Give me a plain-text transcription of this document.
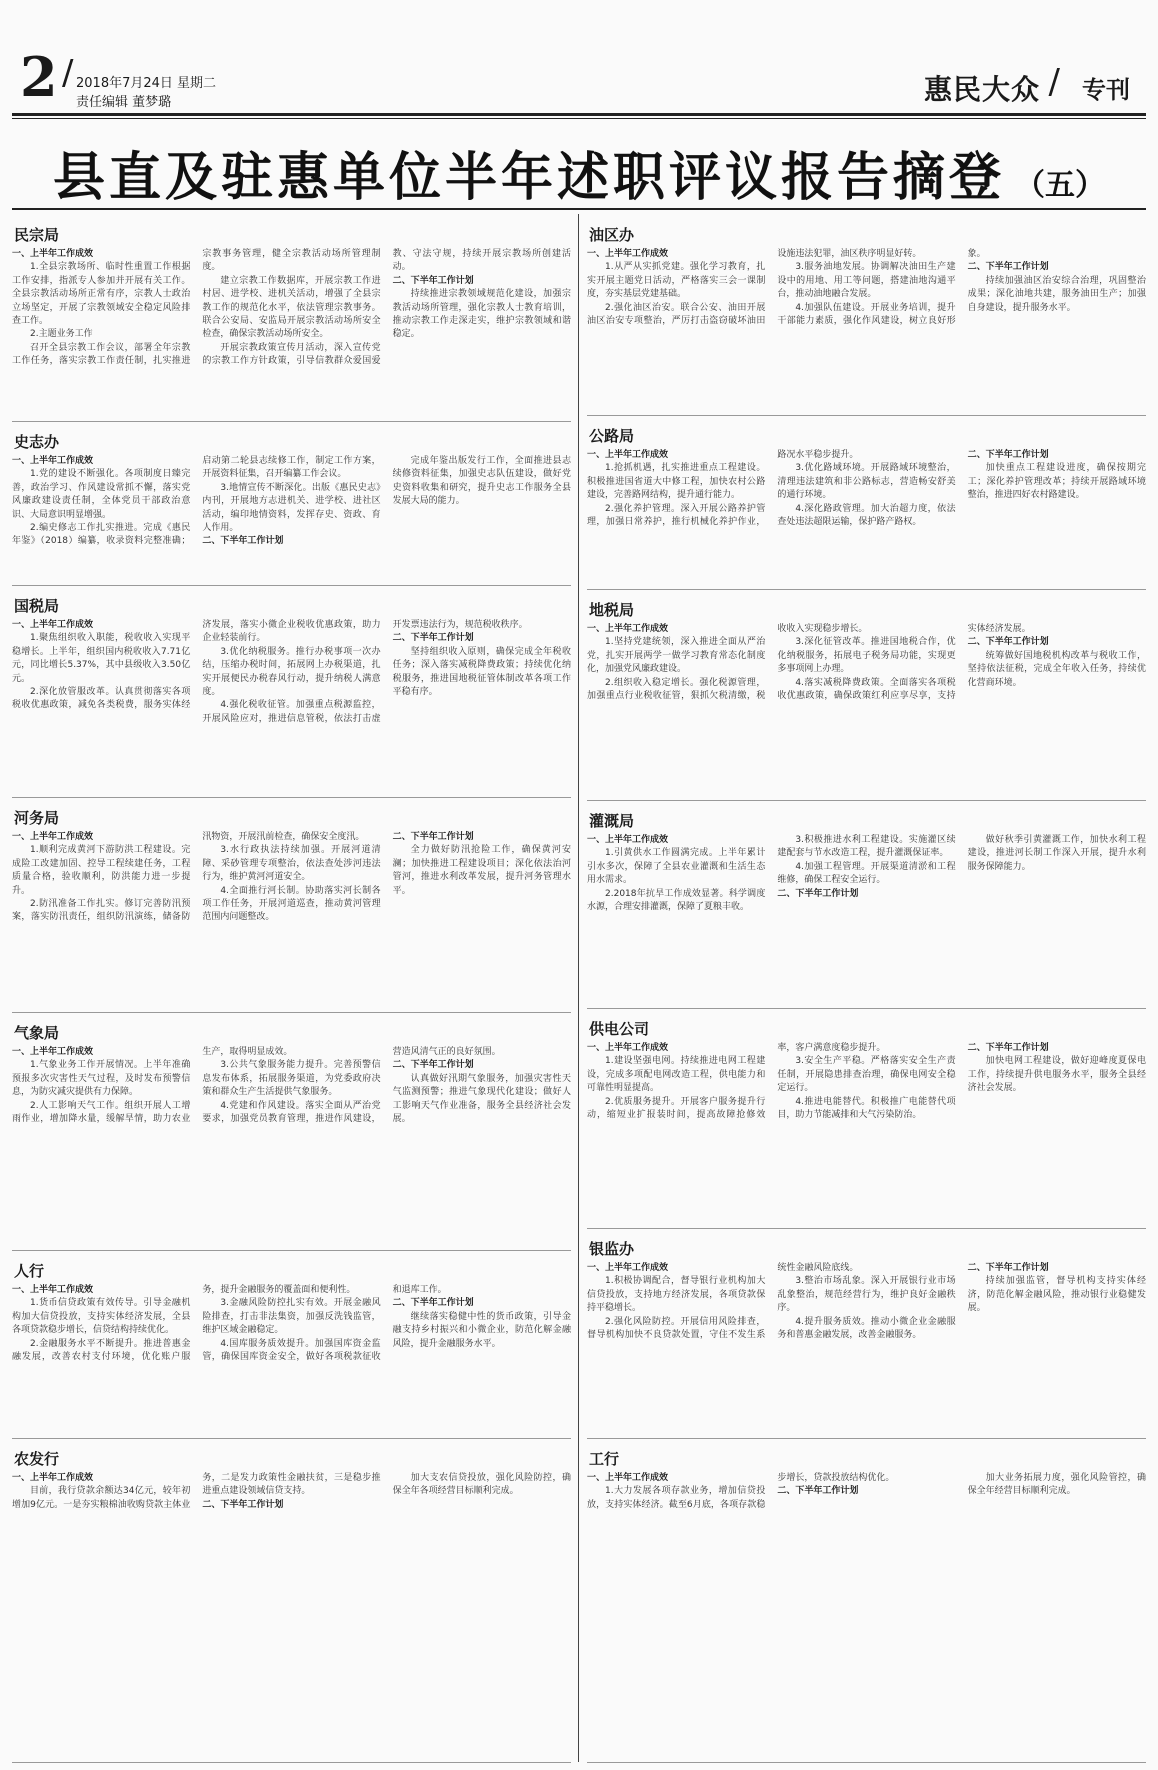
2 / 2018年7月24日 星期二
责任编辑 董梦璐	惠民大众 / 专刊
县直及驻惠单位半年述职评议报告摘登 （五）
民宗局

一、上半年工作成效

1.全县宗教场所、临时性重置工作根据工作安排，指派专人参加并开展有关工作。全县宗教活动场所正常有序，宗教人士政治立场坚定，开展了宗教领域安全稳定风险排查工作。

2.主题业务工作

召开全县宗教工作会议，部署全年宗教工作任务，落实宗教工作责任制，扎实推进宗教事务管理，健全宗教活动场所管理制度。

建立宗教工作数据库，开展宗教工作进村居、进学校、进机关活动，增强了全县宗教工作的规范化水平，依法管理宗教事务。联合公安局、安监局开展宗教活动场所安全检查，确保宗教活动场所安全。

开展宗教政策宣传月活动，深入宣传党的宗教工作方针政策，引导信教群众爱国爱教、守法守规，持续开展宗教场所创建活动。

二、下半年工作计划

持续推进宗教领域规范化建设，加强宗教活动场所管理，强化宗教人士教育培训，推动宗教工作走深走实，维护宗教领域和谐稳定。

史志办

一、上半年工作成效

1.党的建设不断强化。各项制度日臻完善，政治学习、作风建设常抓不懈，落实党风廉政建设责任制，全体党员干部政治意识、大局意识明显增强。

2.编史修志工作扎实推进。完成《惠民年鉴》（2018）编纂，收录资料完整准确；启动第二轮县志续修工作，制定工作方案，开展资料征集，召开编纂工作会议。

3.地情宣传不断深化。出版《惠民史志》内刊，开展地方志进机关、进学校、进社区活动，编印地情资料，发挥存史、资政、育人作用。

二、下半年工作计划

完成年鉴出版发行工作，全面推进县志续修资料征集，加强史志队伍建设，做好党史资料收集和研究，提升史志工作服务全县发展大局的能力。

国税局

一、上半年工作成效

1.聚焦组织收入职能，税收收入实现平稳增长。上半年，组织国内税收收入7.71亿元，同比增长5.37%，其中县级收入3.50亿元。

2.深化放管服改革。认真贯彻落实各项税收优惠政策，减免各类税费，服务实体经济发展，落实小微企业税收优惠政策，助力企业轻装前行。

3.优化纳税服务。推行办税事项一次办结，压缩办税时间，拓展网上办税渠道，扎实开展便民办税春风行动，提升纳税人满意度。

4.强化税收征管。加强重点税源监控，开展风险应对，推进信息管税，依法打击虚开发票违法行为，规范税收秩序。

二、下半年工作计划

坚持组织收入原则，确保完成全年税收任务；深入落实减税降费政策；持续优化纳税服务，推进国地税征管体制改革各项工作平稳有序。

河务局

一、上半年工作成效

1.顺利完成黄河下游防洪工程建设。完成险工改建加固、控导工程续建任务，工程质量合格，验收顺利，防洪能力进一步提升。

2.防汛准备工作扎实。修订完善防汛预案，落实防汛责任，组织防汛演练，储备防汛物资，开展汛前检查，确保安全度汛。

3.水行政执法持续加强。开展河道清障、采砂管理专项整治，依法查处涉河违法行为，维护黄河河道安全。

4.全面推行河长制。协助落实河长制各项工作任务，开展河道巡查，推动黄河管理范围内问题整改。

二、下半年工作计划

全力做好防汛抢险工作，确保黄河安澜；加快推进工程建设项目；深化依法治河管河，推进水利改革发展，提升河务管理水平。

气象局

一、上半年工作成效

1.气象业务工作开展情况。上半年准确预报多次灾害性天气过程，及时发布预警信息，为防灾减灾提供有力保障。

2.人工影响天气工作。组织开展人工增雨作业，增加降水量，缓解旱情，助力农业生产，取得明显成效。

3.公共气象服务能力提升。完善预警信息发布体系，拓展服务渠道，为党委政府决策和群众生产生活提供气象服务。

4.党建和作风建设。落实全面从严治党要求，加强党员教育管理，推进作风建设，营造风清气正的良好氛围。

二、下半年工作计划

认真做好汛期气象服务，加强灾害性天气监测预警；推进气象现代化建设；做好人工影响天气作业准备，服务全县经济社会发展。

人行

一、上半年工作成效

1.货币信贷政策有效传导。引导金融机构加大信贷投放，支持实体经济发展，全县各项贷款稳步增长，信贷结构持续优化。

2.金融服务水平不断提升。推进普惠金融发展，改善农村支付环境，优化账户服务，提升金融服务的覆盖面和便利性。

3.金融风险防控扎实有效。开展金融风险排查，打击非法集资，加强反洗钱监管，维护区域金融稳定。

4.国库服务质效提升。加强国库资金监管，确保国库资金安全，做好各项税款征收和退库工作。

二、下半年工作计划

继续落实稳健中性的货币政策，引导金融支持乡村振兴和小微企业，防范化解金融风险，提升金融服务水平。

农发行

一、上半年工作成效

目前，我行贷款余额达34亿元，较年初增加9亿元。一是夯实粮棉油收购贷款主体业务，二是发力政策性金融扶贫，三是稳步推进重点建设领域信贷支持。

二、下半年工作计划

加大支农信贷投放，强化风险防控，确保全年各项经营目标顺利完成。

油区办

一、上半年工作成效

1.从严从实抓党建。强化学习教育，扎实开展主题党日活动，严格落实三会一课制度，夯实基层党建基础。

2.强化油区治安。联合公安、油田开展油区治安专项整治，严厉打击盗窃破坏油田设施违法犯罪，油区秩序明显好转。

3.服务油地发展。协调解决油田生产建设中的用地、用工等问题，搭建油地沟通平台，推动油地融合发展。

4.加强队伍建设。开展业务培训，提升干部能力素质，强化作风建设，树立良好形象。

二、下半年工作计划

持续加强油区治安综合治理，巩固整治成果；深化油地共建，服务油田生产；加强自身建设，提升服务水平。

公路局

一、上半年工作成效

1.抢抓机遇，扎实推进重点工程建设。积极推进国省道大中修工程，加快农村公路建设，完善路网结构，提升通行能力。

2.强化养护管理。深入开展公路养护管理，加强日常养护，推行机械化养护作业，路况水平稳步提升。

3.优化路域环境。开展路域环境整治，清理违法建筑和非公路标志，营造畅安舒美的通行环境。

4.深化路政管理。加大治超力度，依法查处违法超限运输，保护路产路权。

二、下半年工作计划

加快重点工程建设进度，确保按期完工；深化养护管理改革；持续开展路域环境整治，推进四好农村路建设。

地税局

一、上半年工作成效

1.坚持党建统领，深入推进全面从严治党，扎实开展两学一做学习教育常态化制度化，加强党风廉政建设。

2.组织收入稳定增长。强化税源管理，加强重点行业税收征管，狠抓欠税清缴，税收收入实现稳步增长。

3.深化征管改革。推进国地税合作，优化纳税服务，拓展电子税务局功能，实现更多事项网上办理。

4.落实减税降费政策。全面落实各项税收优惠政策，确保政策红利应享尽享，支持实体经济发展。

二、下半年工作计划

统筹做好国地税机构改革与税收工作，坚持依法征税，完成全年收入任务，持续优化营商环境。

灌溉局

一、上半年工作成效

1.引黄供水工作圆满完成。上半年累计引水多次，保障了全县农业灌溉和生活生态用水需求。

2.2018年抗旱工作成效显著。科学调度水源，合理安排灌溉，保障了夏粮丰收。

3.积极推进水利工程建设。实施灌区续建配套与节水改造工程，提升灌溉保证率。

4.加强工程管理。开展渠道清淤和工程维修，确保工程安全运行。

二、下半年工作计划

做好秋季引黄灌溉工作，加快水利工程建设，推进河长制工作深入开展，提升水利服务保障能力。

供电公司

一、上半年工作成效

1.建设坚强电网。持续推进电网工程建设，完成多项配电网改造工程，供电能力和可靠性明显提高。

2.优质服务提升。开展客户服务提升行动，缩短业扩报装时间，提高故障抢修效率，客户满意度稳步提升。

3.安全生产平稳。严格落实安全生产责任制，开展隐患排查治理，确保电网安全稳定运行。

4.推进电能替代。积极推广电能替代项目，助力节能减排和大气污染防治。

二、下半年工作计划

加快电网工程建设，做好迎峰度夏保电工作，持续提升供电服务水平，服务全县经济社会发展。

银监办

一、上半年工作成效

1.积极协调配合，督导银行业机构加大信贷投放，支持地方经济发展，各项贷款保持平稳增长。

2.强化风险防控。开展信用风险排查，督导机构加快不良贷款处置，守住不发生系统性金融风险底线。

3.整治市场乱象。深入开展银行业市场乱象整治，规范经营行为，维护良好金融秩序。

4.提升服务质效。推动小微企业金融服务和普惠金融发展，改善金融服务。

二、下半年工作计划

持续加强监管，督导机构支持实体经济，防范化解金融风险，推动银行业稳健发展。

工行

一、上半年工作成效

1.大力发展各项存款业务，增加信贷投放，支持实体经济。截至6月底，各项存款稳步增长，贷款投放结构优化。

二、下半年工作计划

加大业务拓展力度，强化风险管控，确保全年经营目标顺利完成。
